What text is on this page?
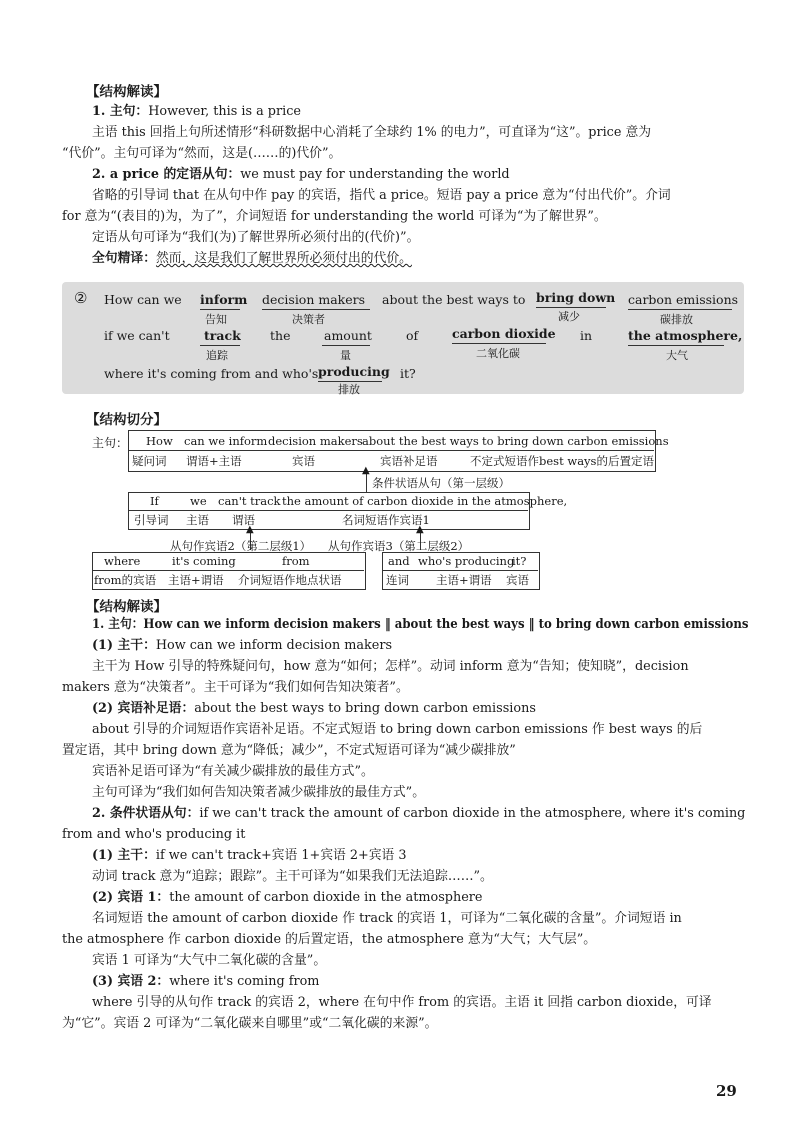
【结构解读】
1. 主句：However, this is a price
主语 this 回指上句所述情形“科研数据中心消耗了全球约 1% 的电力”，可直译为“这”。price 意为
“代价”。主句可译为“然而，这是(……的)代价”。
2. a price 的定语从句：we must pay for understanding the world
省略的引导词 that 在从句中作 pay 的宾语，指代 a price。短语 pay a price 意为“付出代价”。介词
for 意为“(表目的)为，为了”，介词短语 for understanding the world 可译为“为了解世界”。
定语从句可译为“我们(为)了解世界所必须付出的(代价)”。
全句精译：然而，这是我们了解世界所必须付出的代价。
② How can we inform
告知
decision makers
决策者
about the best ways to bring down
减少
carbon emissions
碳排放
if we can't	track
追踪
the	amount
量
of	carbon dioxide
二氧化碳
in	the atmosphere,
大气
where it's coming from and who's producing
排放
it?
【结构切分】
主句： How can we inform decision makers about the best ways to bring down carbon emissions
疑问词 谓语+主语	宾语	宾语补足语	不定式短语作best ways的后置定语
▲
条件状语从句（第一层级）
If	we can't track the amount of carbon dioxide in the atmosphere,
引导词 主语 谓语	名词短语作宾语1
▲	▲
从句作宾语2（第二层级1） 从句作宾语3（第二层级2）
where	it's coming	from
from的宾语 主语+谓语 介词短语作地点状语
and who's producing
it?
连词 主语+谓语 宾语
【结构解读】
1. 主句：How can we inform decision makers ‖ about the best ways ‖ to bring down carbon emissions
(1) 主干：How can we inform decision makers
主干为 How 引导的特殊疑问句，how 意为“如何；怎样”。动词 inform 意为“告知；使知晓”，decision
makers 意为“决策者”。主干可译为“我们如何告知决策者”。
(2) 宾语补足语：about the best ways to bring down carbon emissions
about 引导的介词短语作宾语补足语。不定式短语 to bring down carbon emissions 作 best ways 的后
置定语，其中 bring down 意为“降低；减少”，不定式短语可译为“减少碳排放”
宾语补足语可译为“有关减少碳排放的最佳方式”。
主句可译为“我们如何告知决策者减少碳排放的最佳方式”。
2. 条件状语从句：if we can't track the amount of carbon dioxide in the atmosphere, where it's coming
from and who's producing it
(1) 主干：if we can't track+宾语 1+宾语 2+宾语 3
动词 track 意为“追踪；跟踪”。主干可译为“如果我们无法追踪……”。
(2) 宾语 1：the amount of carbon dioxide in the atmosphere
名词短语 the amount of carbon dioxide 作 track 的宾语 1，可译为“二氧化碳的含量”。介词短语 in
the atmosphere 作 carbon dioxide 的后置定语，the atmosphere 意为“大气；大气层”。
宾语 1 可译为“大气中二氧化碳的含量”。
(3) 宾语 2：where it's coming from
where 引导的从句作 track 的宾语 2，where 在句中作 from 的宾语。主语 it 回指 carbon dioxide，可译
为“它”。宾语 2 可译为“二氧化碳来自哪里”或“二氧化碳的来源”。
29
